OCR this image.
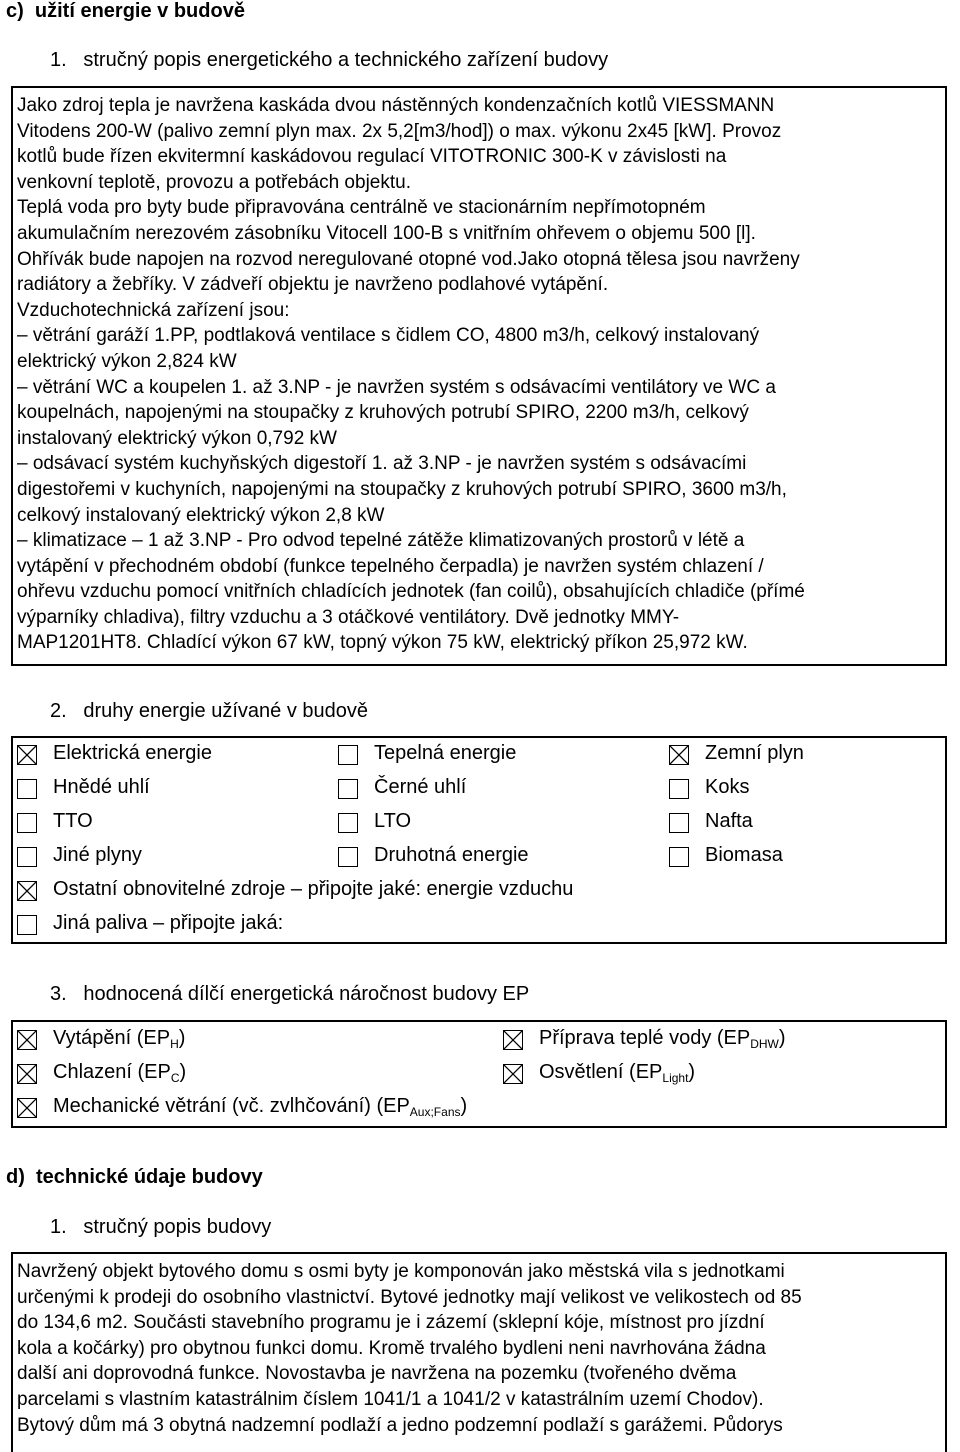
c)  užití energie v budově
1.   stručný popis energetického a technického zařízení budovy
Jako zdroj tepla je navržena kaskáda dvou nástěnných kondenzačních kotlů VIESSMANN
Vitodens 200-W (palivo zemní plyn max. 2x 5,2[m3/hod]) o max. výkonu 2x45 [kW]. Provoz
kotlů bude řízen ekvitermní kaskádovou regulací VITOTRONIC 300-K v závislosti na
venkovní teplotě, provozu a potřebách objektu.
Teplá voda pro byty bude připravována centrálně ve stacionárním nepřímotopném
akumulačním nerezovém zásobníku Vitocell 100-B s vnitřním ohřevem o objemu 500 [l].
Ohřívák bude napojen na rozvod neregulované otopné vod.Jako otopná tělesa jsou navrženy
radiátory a žebříky. V zádveří objektu je navrženo podlahové vytápění.
Vzduchotechnická zařízení jsou:
– větrání garáží 1.PP, podtlaková ventilace s čidlem CO, 4800 m3/h, celkový instalovaný
elektrický výkon 2,824 kW
– větrání WC a koupelen 1. až 3.NP - je navržen systém s odsávacími ventilátory ve WC a
koupelnách, napojenými na stoupačky z kruhových potrubí SPIRO, 2200 m3/h, celkový
instalovaný elektrický výkon 0,792 kW
– odsávací systém kuchyňských digestoří 1. až 3.NP - je navržen systém s odsávacími
digestořemi v kuchyních, napojenými na stoupačky z kruhových potrubí SPIRO, 3600 m3/h,
celkový instalovaný elektrický výkon 2,8 kW
– klimatizace – 1 až 3.NP - Pro odvod tepelné zátěže klimatizovaných prostorů v létě a
vytápění v přechodném období (funkce tepelného čerpadla) je navržen systém chlazení /
ohřevu vzduchu pomocí vnitřních chladících jednotek (fan coilů), obsahujících chladiče (přímé
výparníky chladiva), filtry vzduchu a 3 otáčkové ventilátory. Dvě jednotky MMY-
MAP1201HT8. Chladící výkon 67 kW, topný výkon 75 kW, elektrický příkon 25,972 kW.
2.   druhy energie užívané v budově
Elektrická energie	Tepelná energie	Zemní plyn
Hnědé uhlí	Černé uhlí	Koks
TTO	LTO	Nafta
Jiné plyny	Druhotná energie	Biomasa
Ostatní obnovitelné zdroje – připojte jaké: energie vzduchu
Jiná paliva – připojte jaká:
3.   hodnocená dílčí energetická náročnost budovy EP
Vytápění $(EP_H)$	Příprava teplé vody $(EP_{DHW})$
Chlazení $(EP_C)$	Osvětlení $(EP_{Light})$
Mechanické větrání (vč. zvlhčování) $(EP_{Aux;Fans})$
d)  technické údaje budovy
1.   stručný popis budovy
Navržený objekt bytového domu s osmi byty je komponován jako městská vila s jednotkami
určenými k prodeji do osobního vlastnictví. Bytové jednotky mají velikost ve velikostech od 85
do 134,6 m2. Součásti stavebního programu je i zázemí (sklepní kóje, místnost pro jízdní
kola a kočárky) pro obytnou funkci domu. Kromě trvalého bydleni neni navrhována žádna
další ani doprovodná funkce. Novostavba je navržena na pozemku (tvořeného dvěma
parcelami s vlastním katastrálnim číslem 1041/1 a 1041/2 v katastrálním uzemí Chodov).
Bytový dům má 3 obytná nadzemní podlaží a jedno podzemní podlaží s garážemi. Půdorys
